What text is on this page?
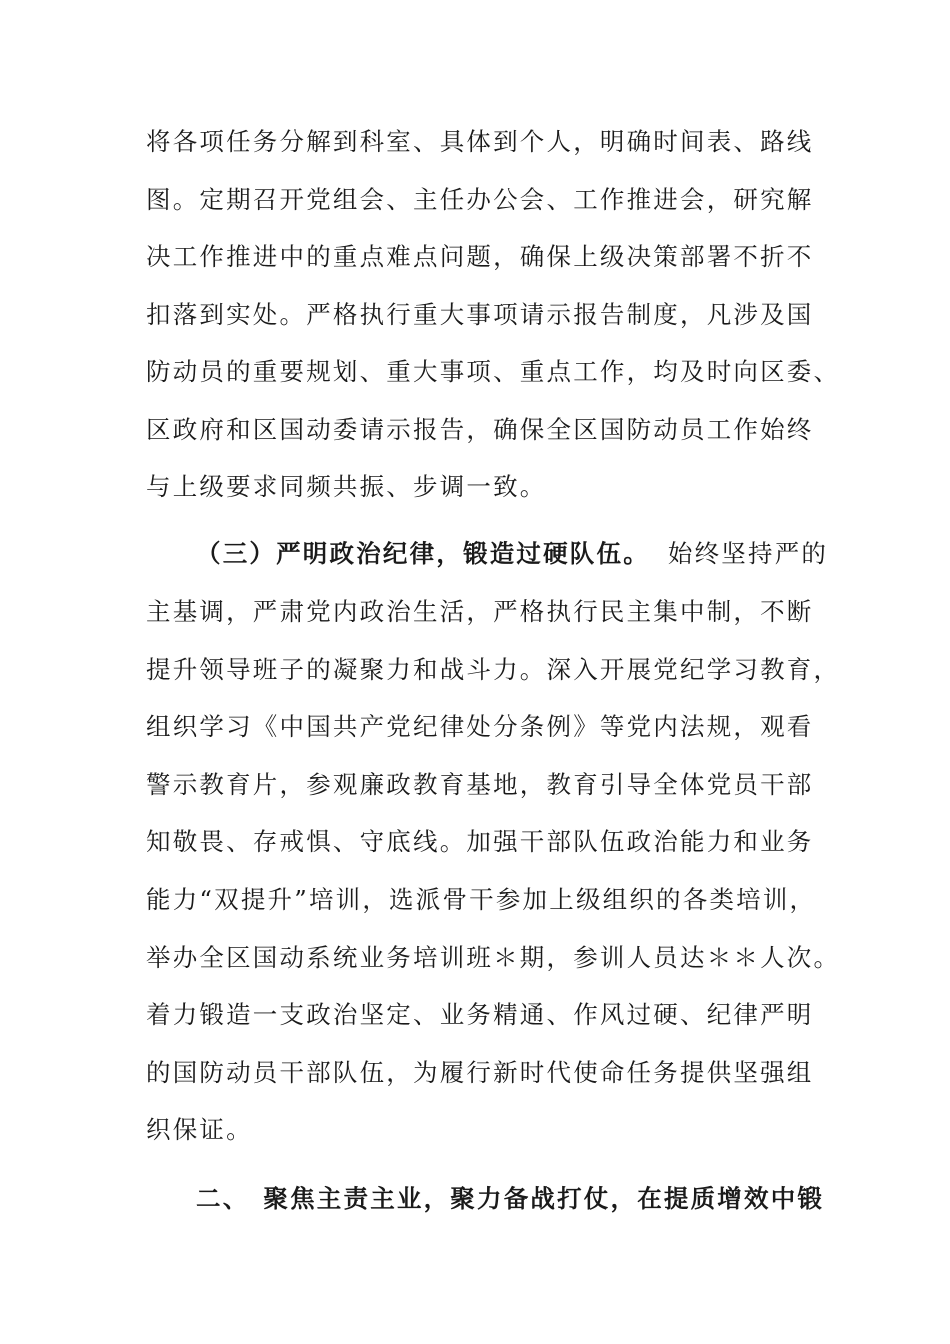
将各项任务分解到科室、具体到个人，明确时间表、路线
图。定期召开党组会、主任办公会、工作推进会，研究解
决工作推进中的重点难点问题，确保上级决策部署不折不
扣落到实处。严格执行重大事项请示报告制度，凡涉及国
防动员的重要规划、重大事项、重点工作，均及时向区委、
区政府和区国动委请示报告，确保全区国防动员工作始终
与上级要求同频共振、步调一致。
（三）严明政治纪律，锻造过硬队伍。 始终坚持严的
主基调，严肃党内政治生活，严格执行民主集中制，不断
提升领导班子的凝聚力和战斗力。深入开展党纪学习教育，
组织学习《中国共产党纪律处分条例》等党内法规，观看
警示教育片，参观廉政教育基地，教育引导全体党员干部
知敬畏、存戒惧、守底线。加强干部队伍政治能力和业务
能力“双提升”培训，选派骨干参加上级组织的各类培训，
举办全区国动系统业务培训班＊期，参训人员达＊＊人次。
着力锻造一支政治坚定、业务精通、作风过硬、纪律严明
的国防动员干部队伍，为履行新时代使命任务提供坚强组
织保证。
二、 聚焦主责主业，聚力备战打仗，在提质增效中锻
